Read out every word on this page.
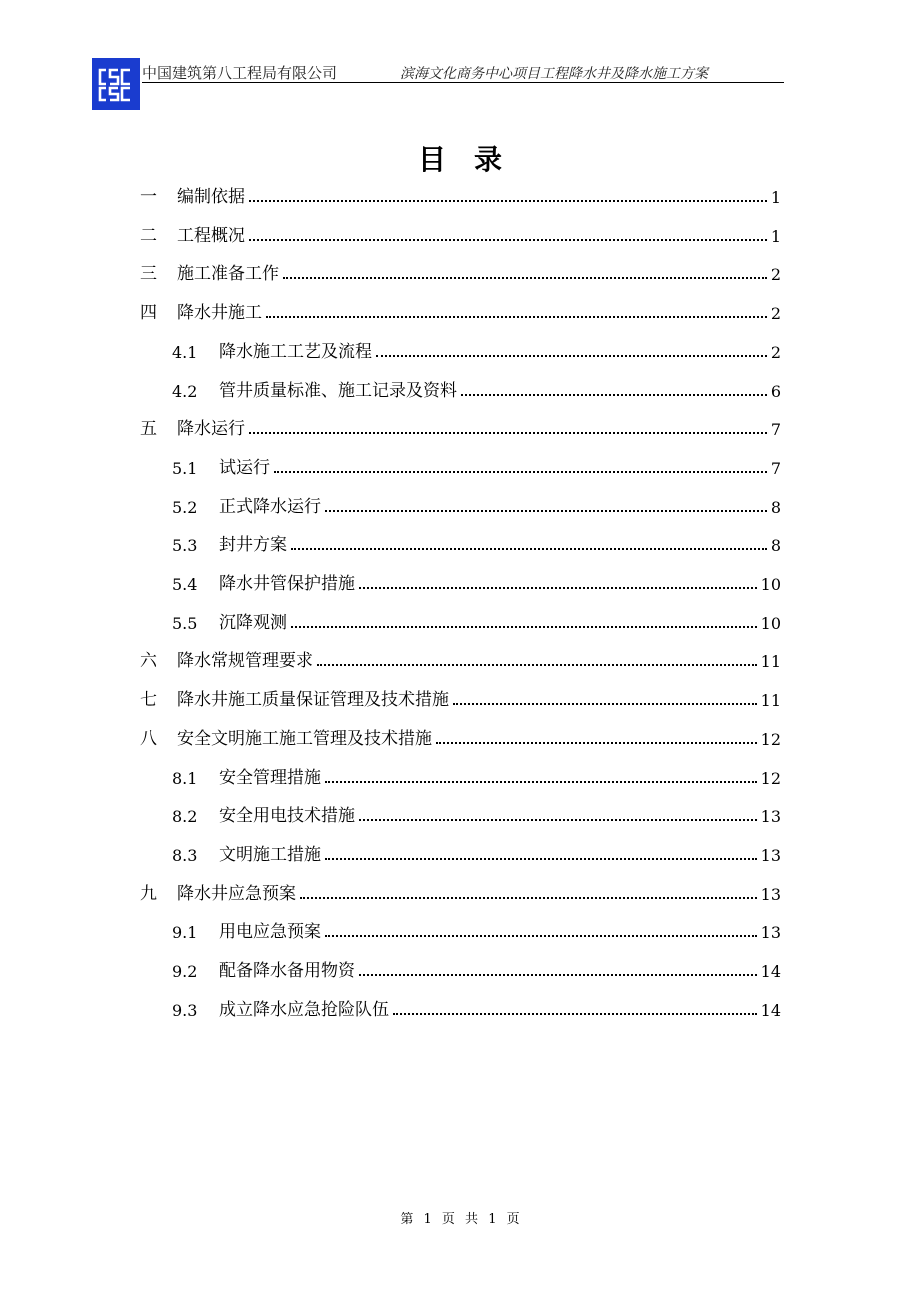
中国建筑第八工程局有限公司	滨海文化商务中心项目工程降水井及降水施工方案
目录
一	编制依据	1
二	工程概况	1
三	施工准备工作	2
四	降水井施工	2
4.1	降水施工工艺及流程	2
4.2	管井质量标准、施工记录及资料	6
五	降水运行	7
5.1	试运行	7
5.2	正式降水运行	8
5.3	封井方案	8
5.4	降水井管保护措施	10
5.5	沉降观测	10
六	降水常规管理要求	11
七	降水井施工质量保证管理及技术措施	11
八	安全文明施工施工管理及技术措施	12
8.1	安全管理措施	12
8.2	安全用电技术措施	13
8.3	文明施工措施	13
九	降水井应急预案	13
9.1	用电应急预案	13
9.2	配备降水备用物资	14
9.3	成立降水应急抢险队伍	14
第 1 页 共 1 页
